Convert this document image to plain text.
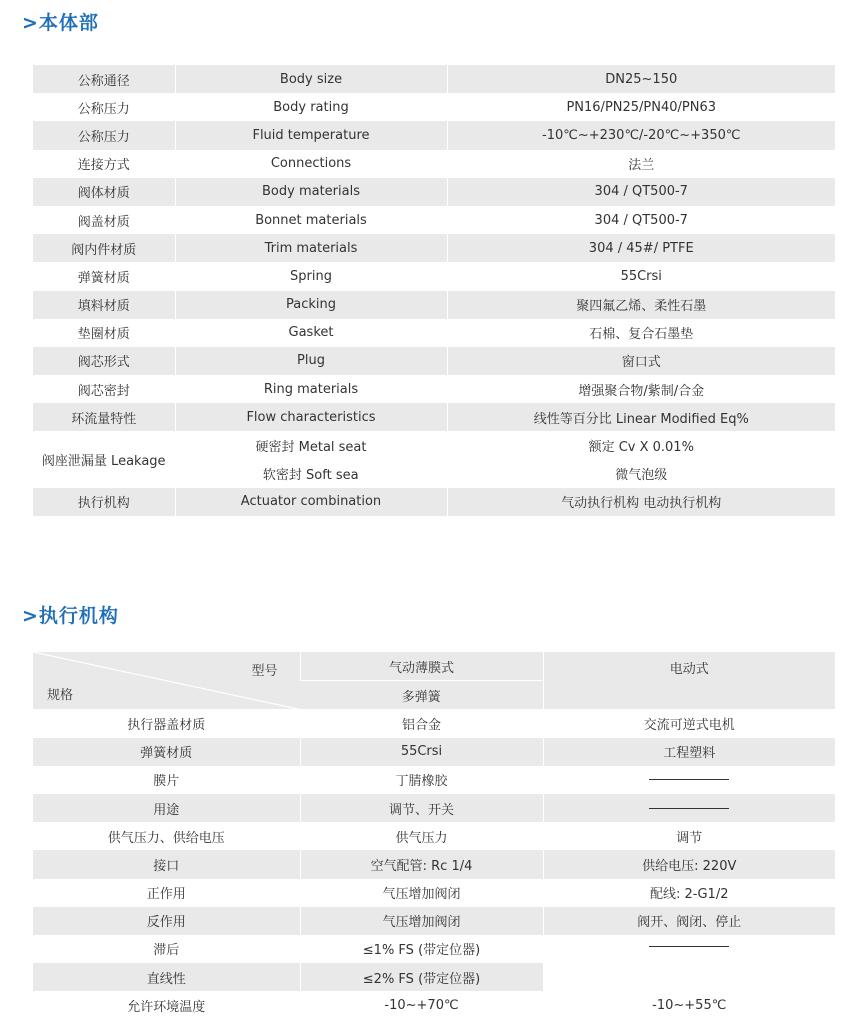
>本体部
公称通径	Body size	DN25~150
公称压力	Body rating	PN16/PN25/PN40/PN63
公称压力	Fluid temperature	-10℃~+230℃/-20℃~+350℃
连接方式	Connections	法兰
阀体材质	Body materials	304 / QT500-7
阀盖材质	Bonnet materials	304 / QT500-7
阀内件材质	Trim materials	304 / 45#/ PTFE
弹簧材质	Spring	55Crsi
填料材质	Packing	聚四氟乙烯、柔性石墨
垫圈材质	Gasket	石棉、复合石墨垫
阀芯形式	Plug	窗口式
阀芯密封	Ring materials	增强聚合物/紫制/合金
环流量特性	Flow characteristics	线性等百分比 Linear Modified Eq%
阀座泄漏量 Leakage	硬密封 Metal seat	额定 Cv X 0.01%
	软密封 Soft sea	微气泡级
执行机构	Actuator combination	气动执行机构 电动执行机构
>执行机构
型号
规格	气动薄膜式	电动式
	多弹簧	
执行器盖材质	铝合金	交流可逆式电机
弹簧材质	55Crsi	工程塑料
膜片	丁腈橡胶	
用途	调节、开关	
供气压力、供给电压	供气压力	调节
接口	空气配管: Rc 1/4	供给电压: 220V
正作用	气压增加阀闭	配线: 2-G1/2
反作用	气压增加阀闭	阀开、阀闭、停止
滞后	≤1% FS (带定位器)	
直线性	≤2% FS (带定位器)	
允许环境温度	-10~+70℃	-10~+55℃
